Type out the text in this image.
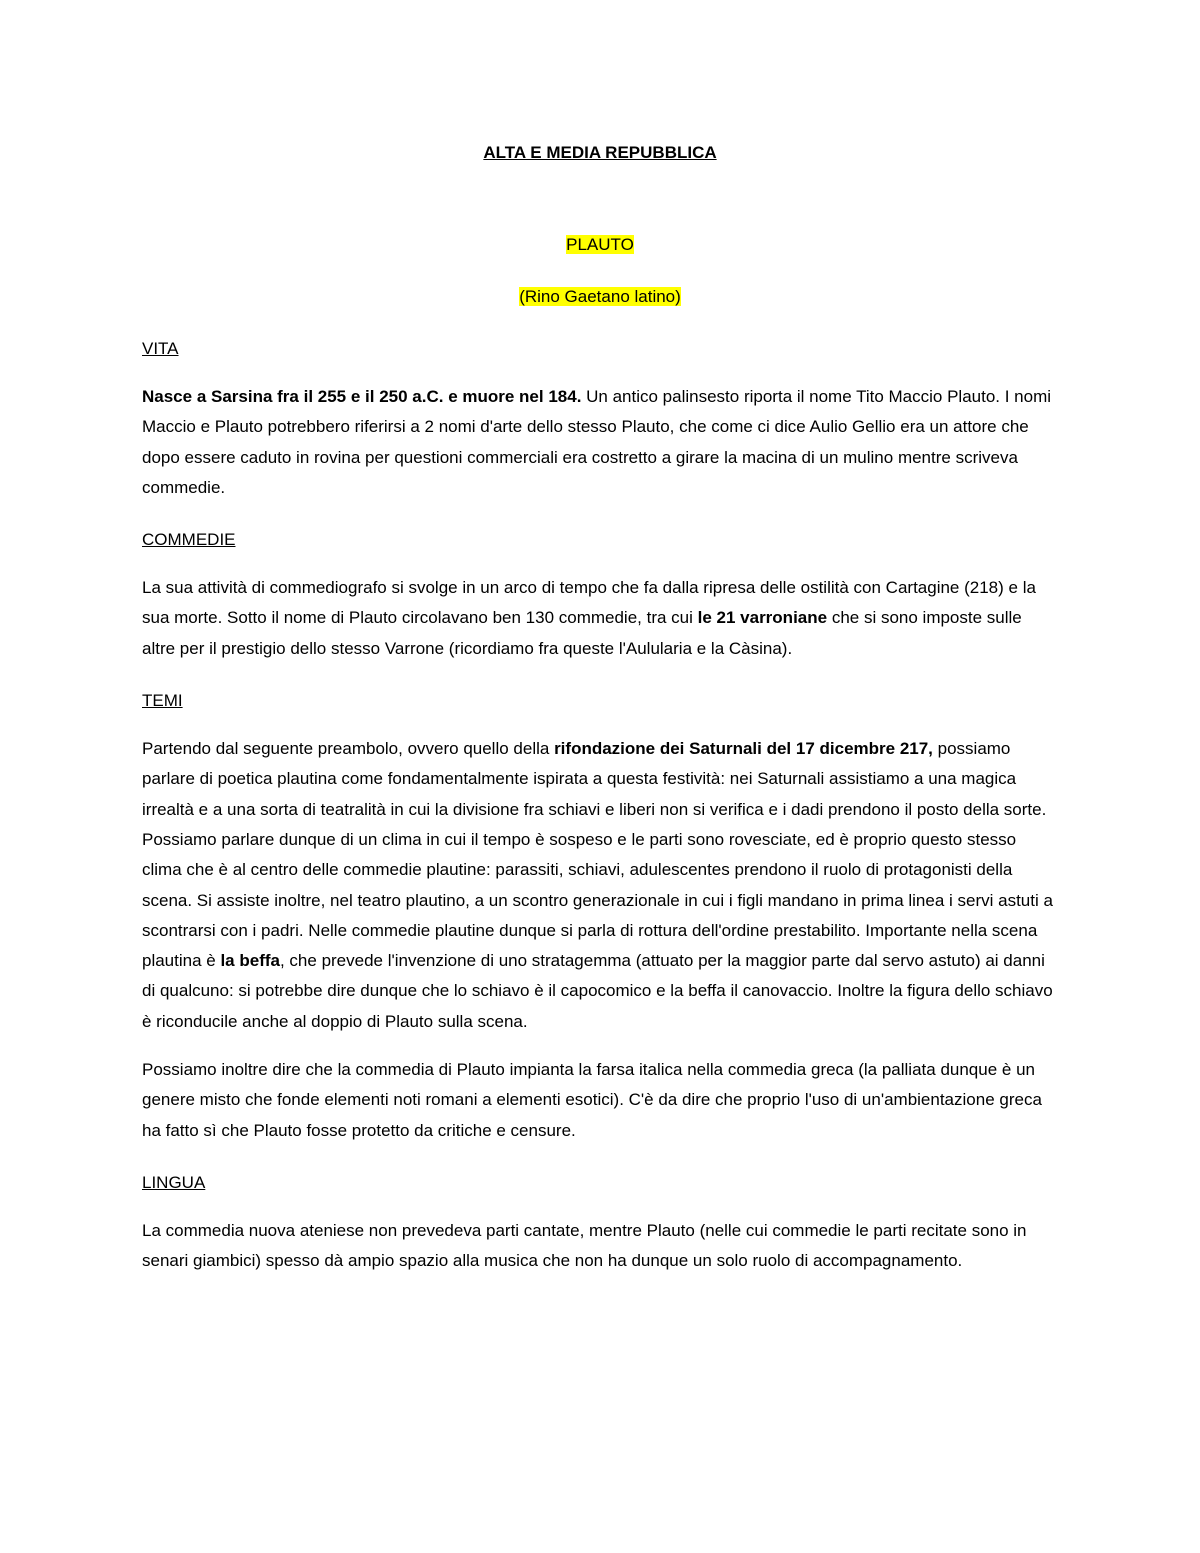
ALTA E MEDIA REPUBBLICA

PLAUTO

(Rino Gaetano latino)

VITA

Nasce a Sarsina fra il 255 e il 250 a.C. e muore nel 184. Un antico palinsesto riporta il nome Tito Maccio Plauto. I nomi Maccio e Plauto potrebbero riferirsi a 2 nomi d'arte dello stesso Plauto, che come ci dice Aulio Gellio era un attore che dopo essere caduto in rovina per questioni commerciali era costretto a girare la macina di un mulino mentre scriveva commedie.

COMMEDIE

La sua attività di commediografo si svolge in un arco di tempo che fa dalla ripresa delle ostilità con Cartagine (218) e la sua morte. Sotto il nome di Plauto circolavano ben 130 commedie, tra cui le 21 varroniane che si sono imposte sulle altre per il prestigio dello stesso Varrone (ricordiamo fra queste l'Aulularia e la Càsina).

TEMI

Partendo dal seguente preambolo, ovvero quello della rifondazione dei Saturnali del 17 dicembre 217, possiamo parlare di poetica plautina come fondamentalmente ispirata a questa festività: nei Saturnali assistiamo a una magica irrealtà e a una sorta di teatralità in cui la divisione fra schiavi e liberi non si verifica e i dadi prendono il posto della sorte. Possiamo parlare dunque di un clima in cui il tempo è sospeso e le parti sono rovesciate, ed è proprio questo stesso clima che è al centro delle commedie plautine: parassiti, schiavi, adulescentes prendono il ruolo di protagonisti della scena. Si assiste inoltre, nel teatro plautino, a un scontro generazionale in cui i figli mandano in prima linea i servi astuti a scontrarsi con i padri. Nelle commedie plautine dunque si parla di rottura dell'ordine prestabilito. Importante nella scena plautina è la beffa, che prevede l'invenzione di uno stratagemma (attuato per la maggior parte dal servo astuto) ai danni di qualcuno: si potrebbe dire dunque che lo schiavo è il capocomico e la beffa il canovaccio. Inoltre la figura dello schiavo è riconducile anche al doppio di Plauto sulla scena.

Possiamo inoltre dire che la commedia di Plauto impianta la farsa italica nella commedia greca (la palliata dunque è un genere misto che fonde elementi noti romani a elementi esotici). C'è da dire che proprio l'uso di un'ambientazione greca ha fatto sì che Plauto fosse protetto da critiche e censure.

LINGUA

La commedia nuova ateniese non prevedeva parti cantate, mentre Plauto (nelle cui commedie le parti recitate sono in senari giambici) spesso dà ampio spazio alla musica che non ha dunque un solo ruolo di accompagnamento.
